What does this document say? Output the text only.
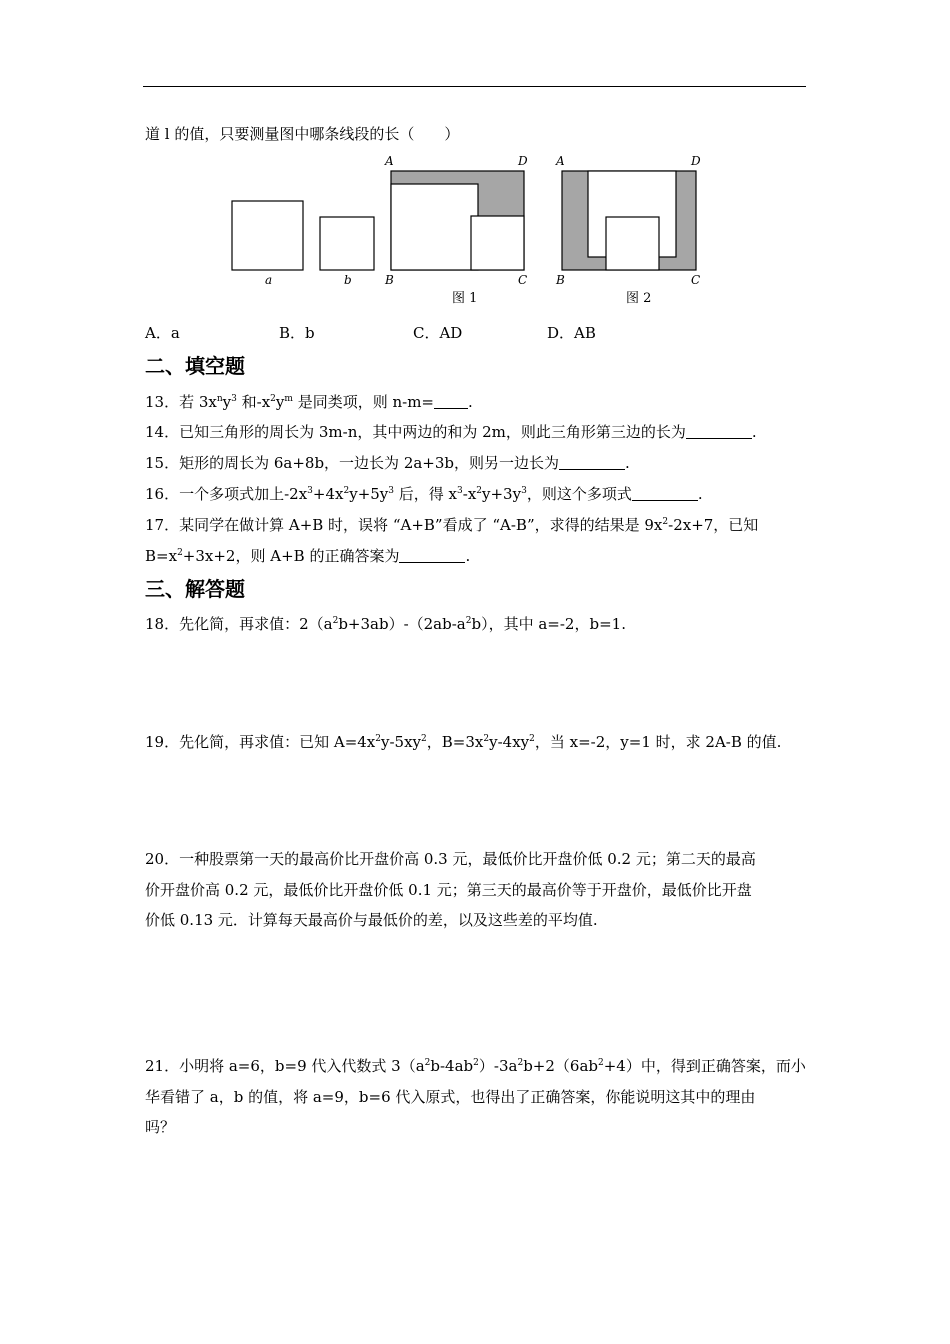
道 l 的值，只要测量图中哪条线段的长（　　）
a	b
A	D
B	C
图 1
A	D
B	C
图 2
A．a	B．b	C．AD	D．AB
二、填空题
13．若 $3x^ny^3$ 和$-x^2y^m$ 是同类项，则 n-m= .
14．已知三角形的周长为 3m-n，其中两边的和为 2m，则此三角形第三边的长为	.
15．矩形的周长为 6a+8b，一边长为 2a+3b，则另一边长为	.
16．一个多项式加上$-2x^3+4x^2y+5y^3$ 后，得 $x^3-x^2y+3y^3$，则这个多项式	.
17．某同学在做计算 A+B 时，误将 “A+B”看成了 “A-B”，求得的结果是 $9x^2-2x+7$，已知
$B=x^2+3x+2$，则 A+B 的正确答案为	.
三、解答题
18．先化简，再求值：$2(a^2b+3ab)-(2ab-a^2b)$，其中 a=-2，b=1.
19．先化简，再求值：已知 $A=4x^2y-5xy^2$，$B=3x^2y-4xy^2$，当 x=-2，y=1 时，求 2A-B 的值.
20．一种股票第一天的最高价比开盘价高 0.3 元，最低价比开盘价低 0.2 元；第二天的最高
价开盘价高 0.2 元，最低价比开盘价低 0.1 元；第三天的最高价等于开盘价，最低价比开盘
价低 0.13 元．计算每天最高价与最低价的差，以及这些差的平均值.
21．小明将 a=6，b=9 代入代数式 $3(a^2b-4ab^2)-3a^2b+2(6ab^2+4)$中，得到正确答案，而小
华看错了 a，b 的值，将 a=9，b=6 代入原式，也得出了正确答案，你能说明这其中的理由
吗？
